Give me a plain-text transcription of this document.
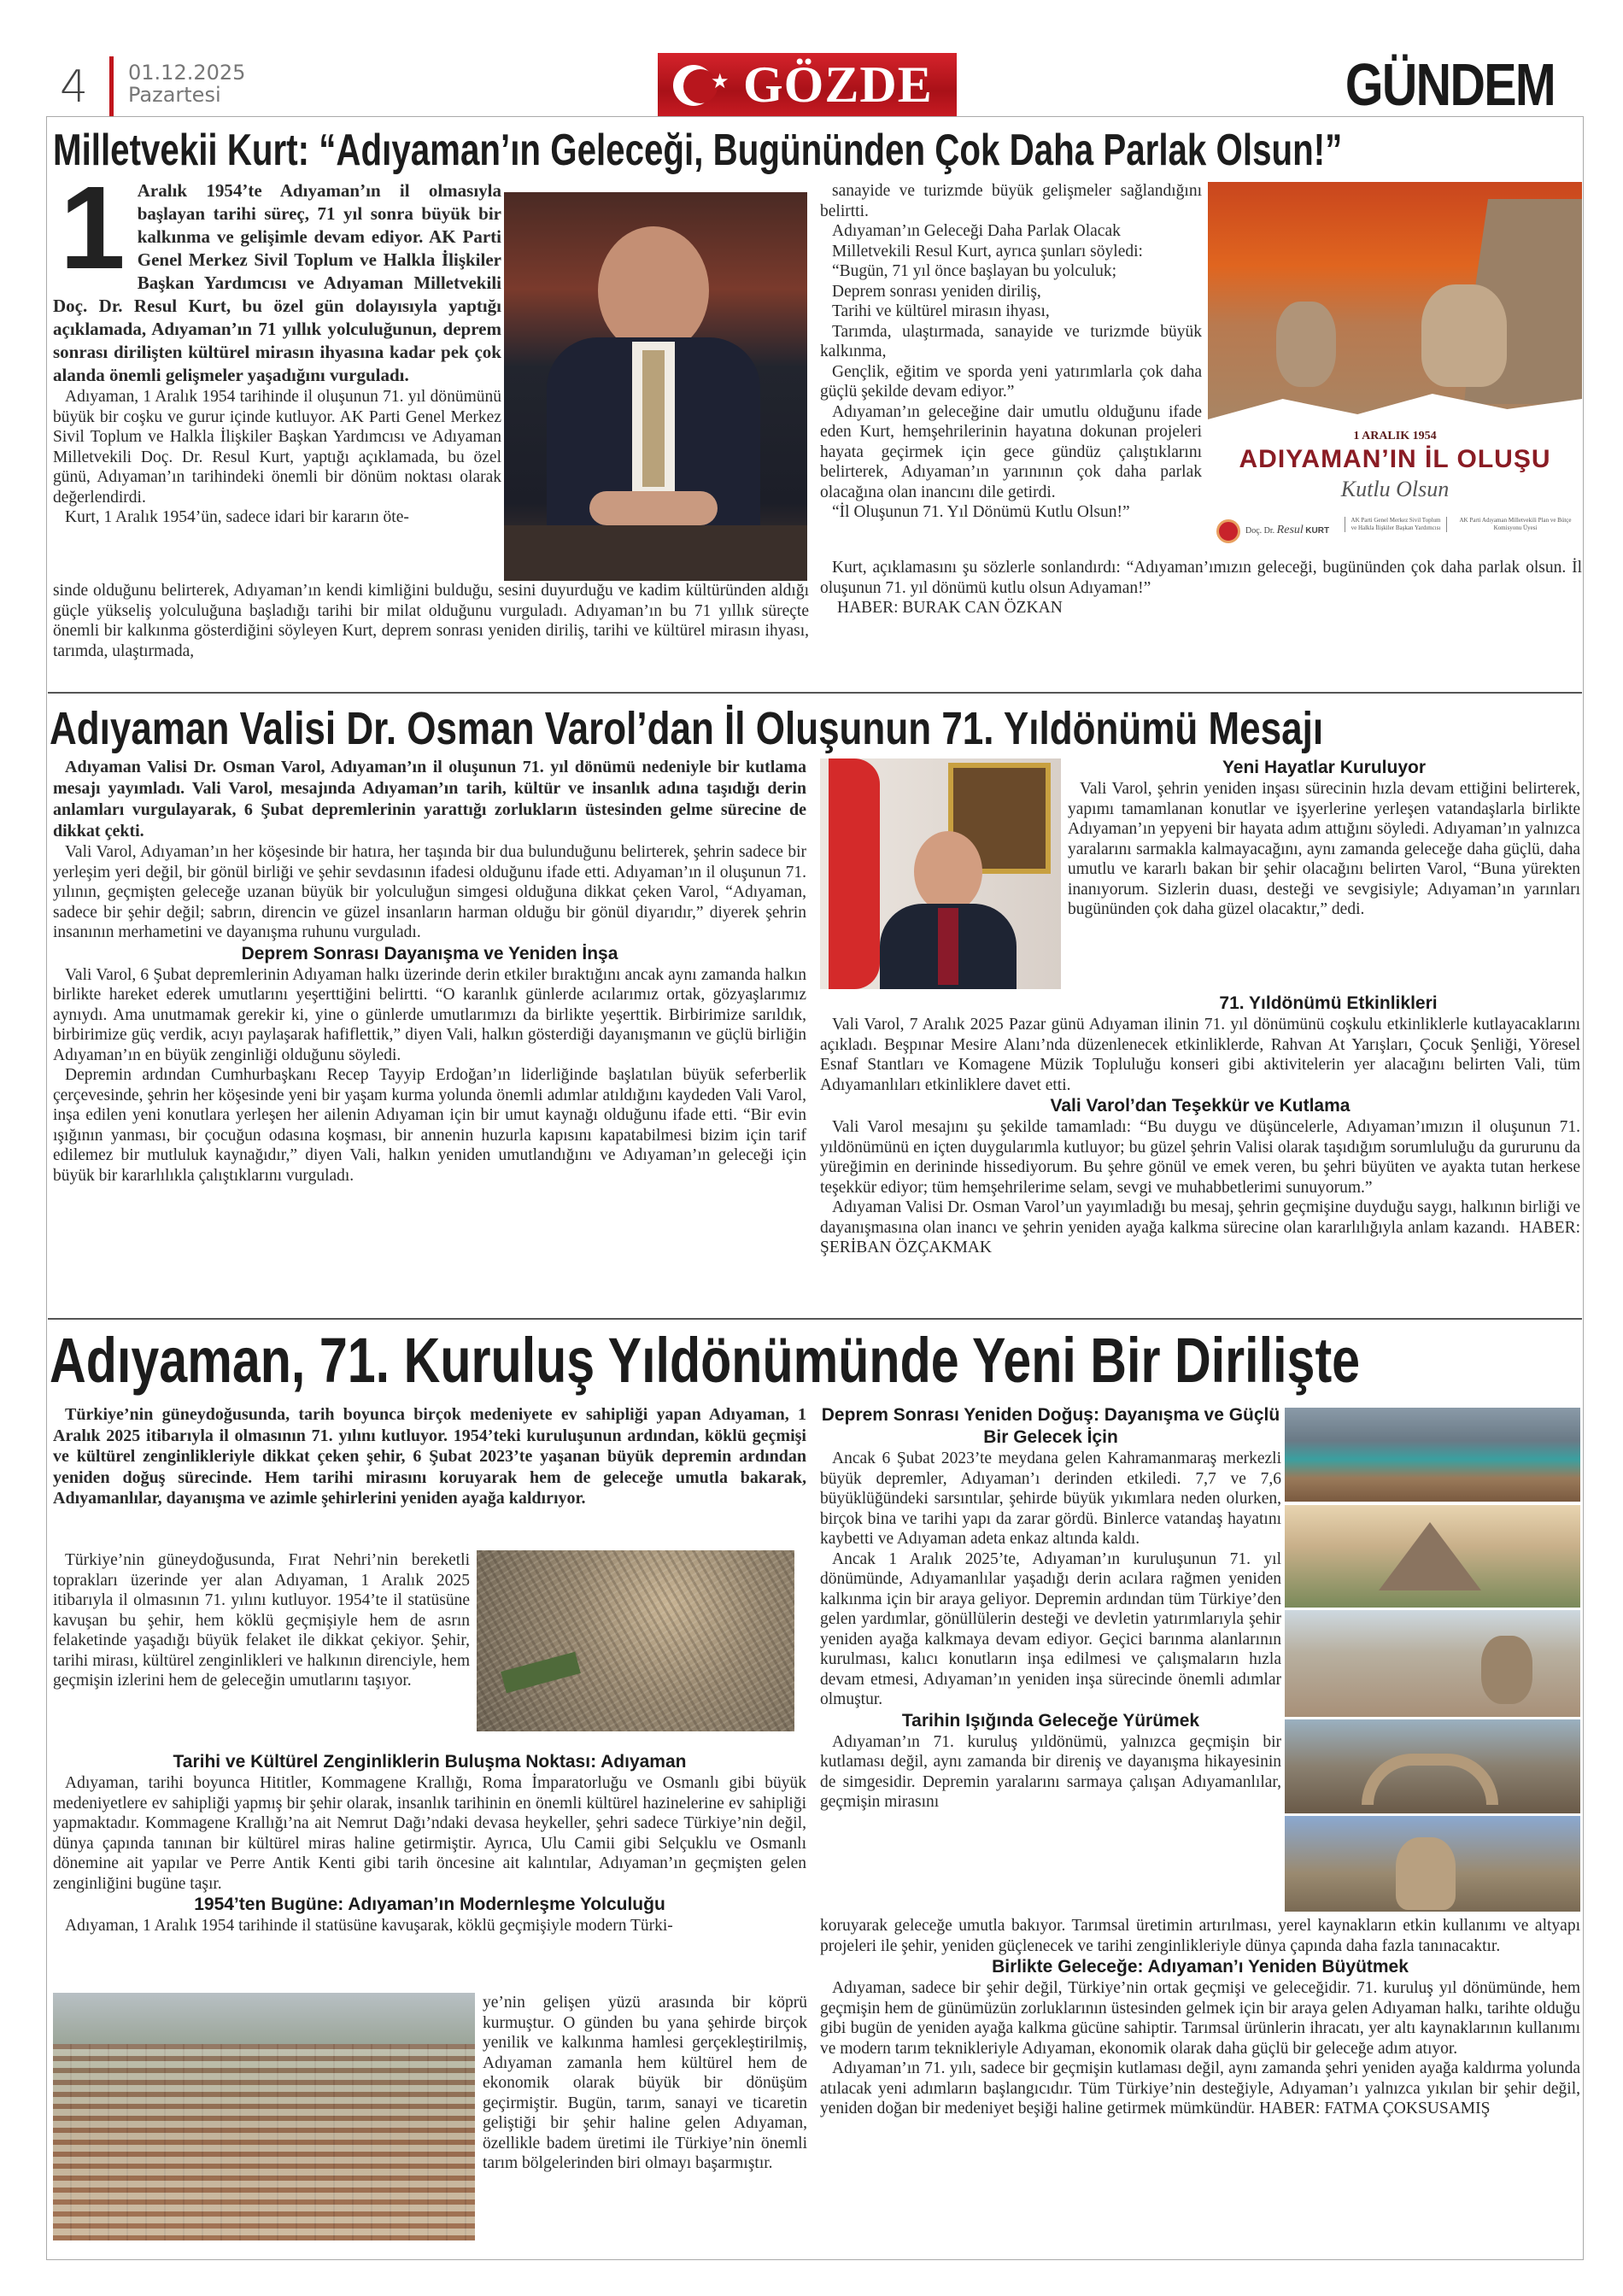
4 01.12.2025
Pazartesi
★ GÖZDE	GÜNDEM
Milletvekii Kurt: “Adıyaman’ın Geleceği, Bugününden Çok Daha Parlak Olsun!”

1 Aralık 1954’te Adıyaman’ın il olmasıyla başlayan tarihi süreç, 71 yıl sonra büyük bir kalkınma ve gelişimle devam ediyor. AK Parti Genel Merkez Sivil Toplum ve Halkla İlişkiler Başkan Yardımcısı ve Adıyaman Milletvekili Doç. Dr. Resul Kurt, bu özel gün dolayısıyla yaptığı açıklamada, Adıyaman’ın 71 yıllık yolculuğunun, deprem sonrası dirilişten kültürel mirasın ihyasına kadar pek çok alanda önemli gelişmeler yaşadığını vurguladı.

Adıyaman, 1 Aralık 1954 tarihinde il oluşunun 71. yıl dönümünü büyük bir coşku ve gurur içinde kutluyor. AK Parti Genel Merkez Sivil Toplum ve Halkla İlişkiler Başkan Yardımcısı ve Adıyaman Milletvekili Doç. Dr. Resul Kurt, yaptığı açıklamada, bu özel günü, Adıyaman’ın tarihindeki önemli bir dönüm noktası olarak değerlendirdi.

Kurt, 1 Aralık 1954’ün, sadece idari bir kararın öte-

sinde olduğunu belirterek, Adıyaman’ın kendi kimliğini bulduğu, sesini duyurduğu ve kadim kültüründen aldığı güçle yükseliş yolculuğuna başladığı tarihi bir milat olduğunu vurguladı. Adıyaman’ın bu 71 yıllık süreçte önemli bir kalkınma gösterdiğini söyleyen Kurt, deprem sonrası yeniden diriliş, tarihi ve kültürel mirasın ihyası, tarımda, ulaştırmada,

sanayide ve turizmde büyük gelişmeler sağlandığını belirtti.

Adıyaman’ın Geleceği Daha Parlak Olacak

Milletvekili Resul Kurt, ayrıca şunları söyledi:

“Bugün, 71 yıl önce başlayan bu yolculuk;

Deprem sonrası yeniden diriliş,

Tarihi ve kültürel mirasın ihyası,

Tarımda, ulaştırmada, sanayide ve turizmde büyük kalkınma,

Gençlik, eğitim ve sporda yeni yatırımlarla çok daha güçlü şekilde devam ediyor.”

Adıyaman’ın geleceğine dair umutlu olduğunu ifade eden Kurt, hemşehrilerinin hayatına dokunan projeleri hayata geçirmek için gece gündüz çalıştıklarını belirterek, Adıyaman’ın yarınının çok daha parlak olacağına olan inancını dile getirdi.

“İl Oluşunun 71. Yıl Dönümü Kutlu Olsun!”

1 ARALIK 1954
ADIYAMAN’IN İL OLUŞU
Kutlu Olsun
Doç. Dr. Resul KURT
AK Parti Genel Merkez Sivil Toplum ve Halkla İlişkiler Başkan Yardımcısı
AK Parti Adıyaman Milletvekili Plan ve Bütçe Komisyonu Üyesi

Kurt, açıklamasını şu sözlerle sonlandırdı: “Adıyaman’ımızın geleceği, bugününden çok daha parlak olsun. İl oluşunun 71. yıl dönümü kutlu olsun Adıyaman!”

HABER: BURAK CAN ÖZKAN

Adıyaman Valisi Dr. Osman Varol’dan İl Oluşunun 71. Yıldönümü Mesajı

Adıyaman Valisi Dr. Osman Varol, Adıyaman’ın il oluşunun 71. yıl dönümü nedeniyle bir kutlama mesajı yayımladı. Vali Varol, mesajında Adıyaman’ın tarih, kültür ve insanlık adına taşıdığı derin anlamları vurgulayarak, 6 Şubat depremlerinin yarattığı zorlukların üstesinden gelme sürecine de dikkat çekti.

Vali Varol, Adıyaman’ın her köşesinde bir hatıra, her taşında bir dua bulunduğunu belirterek, şehrin sadece bir yerleşim yeri değil, bir gönül birliği ve şehir sevdasının ifadesi olduğunu ifade etti. Adıyaman’ın il oluşunun 71. yılının, geçmişten geleceğe uzanan büyük bir yolculuğun simgesi olduğuna dikkat çeken Varol, “Adıyaman, sadece bir şehir değil; sabrın, direncin ve güzel insanların harman olduğu bir gönül diyarıdır,” diyerek şehrin insanının merhametini ve dayanışma ruhunu vurguladı.

Deprem Sonrası Dayanışma ve Yeniden İnşa

Vali Varol, 6 Şubat depremlerinin Adıyaman halkı üzerinde derin etkiler bıraktığını ancak aynı zamanda halkın birlikte hareket ederek umutlarını yeşerttiğini belirtti. “O karanlık günlerde acılarımız ortak, gözyaşlarımız aynıydı. Ama unutmamak gerekir ki, yine o günlerde umutlarımızı da birlikte yeşerttik. Birbirimize sarıldık, birbirimize güç verdik, acıyı paylaşarak hafiflettik,” diyen Vali, halkın gösterdiği dayanışmanın ve güçlü birliğin Adıyaman’ın en büyük zenginliği olduğunu söyledi.

Depremin ardından Cumhurbaşkanı Recep Tayyip Erdoğan’ın liderliğinde başlatılan büyük seferberlik çerçevesinde, şehrin her köşesinde yeni bir yaşam kurma yolunda önemli adımlar atıldığını kaydeden Vali Varol, inşa edilen yeni konutlara yerleşen her ailenin Adıyaman için bir umut kaynağı olduğunu ifade etti. “Bir evin ışığının yanması, bir çocuğun odasına koşması, bir annenin huzurla kapısını kapatabilmesi bizim için tarif edilemez bir mutluluk kaynağıdır,” diyen Vali, halkın yeniden umutlandığını ve Adıyaman’ın geleceği için büyük bir kararlılıkla çalıştıklarını vurguladı.

Yeni Hayatlar Kuruluyor

Vali Varol, şehrin yeniden inşası sürecinin hızla devam ettiğini belirterek, yapımı tamamlanan konutlar ve işyerlerine yerleşen vatandaşlarla birlikte Adıyaman’ın yepyeni bir hayata adım attığını söyledi. Adıyaman’ın yalnızca yaralarını sarmakla kalmayacağını, aynı zamanda geleceğe daha güçlü, daha umutlu ve kararlı bakan bir şehir olacağını belirten Varol, “Buna yürekten inanıyorum. Sizlerin duası, desteği ve sevgisiyle; Adıyaman’ın yarınları bugününden çok daha güzel olacaktır,” dedi.

71. Yıldönümü Etkinlikleri

Vali Varol, 7 Aralık 2025 Pazar günü Adıyaman ilinin 71. yıl dönümünü coşkulu etkinliklerle kutlayacaklarını açıkladı. Beşpınar Mesire Alanı’nda düzenlenecek etkinliklerde, Rahvan At Yarışları, Çocuk Şenliği, Yöresel Esnaf Stantları ve Komagene Müzik Topluluğu konseri gibi aktivitelerin yer alacağını belirten Vali, tüm Adıyamanlıları etkinliklere davet etti.

Vali Varol’dan Teşekkür ve Kutlama

Vali Varol mesajını şu şekilde tamamladı: “Bu duygu ve düşüncelerle, Adıyaman’ımızın il oluşunun 71. yıldönümünü en içten duygularımla kutluyor; bu güzel şehrin Valisi olarak taşıdığım sorumluluğu da gururunu da yüreğimin en derininde hissediyorum. Bu şehre gönül ve emek veren, bu şehri büyüten ve ayakta tutan herkese teşekkür ediyor; tüm hemşehrilerime selam, sevgi ve muhabbetlerimi sunuyorum.”

Adıyaman Valisi Dr. Osman Varol’un yayımladığı bu mesaj, şehrin geçmişine duyduğu saygı, halkının birliği ve dayanışmasına olan inancı ve şehrin yeniden ayağa kalkma sürecine olan kararlılığıyla anlam kazandı. HABER: ŞERİBAN ÖZÇAKMAK

Adıyaman, 71. Kuruluş Yıldönümünde Yeni Bir Dirilişte

Türkiye’nin güneydoğusunda, tarih boyunca birçok medeniyete ev sahipliği yapan Adıyaman, 1 Aralık 2025 itibarıyla il olmasının 71. yılını kutluyor. 1954’teki kuruluşunun ardından, köklü geçmişi ve kültürel zenginlikleriyle dikkat çeken şehir, 6 Şubat 2023’te yaşanan büyük depremin ardından yeniden doğuş sürecinde. Hem tarihi mirasını koruyarak hem de geleceğe umutla bakarak, Adıyamanlılar, dayanışma ve azimle şehirlerini yeniden ayağa kaldırıyor.

Türkiye’nin güneydoğusunda, Fırat Nehri’nin bereketli toprakları üzerinde yer alan Adıyaman, 1 Aralık 2025 itibarıyla il olmasının 71. yılını kutluyor. 1954’te il statüsüne kavuşan bu şehir, hem köklü geçmişiyle hem de asrın felaketinde yaşadığı büyük felaket ile dikkat çekiyor. Şehir, tarihi mirası, kültürel zenginlikleri ve halkının direnciyle, hem geçmişin izlerini hem de geleceğin umutlarını taşıyor.

Tarihi ve Kültürel Zenginliklerin Buluşma Noktası: Adıyaman

Adıyaman, tarihi boyunca Hititler, Kommagene Krallığı, Roma İmparatorluğu ve Osmanlı gibi büyük medeniyetlere ev sahipliği yapmış bir şehir olarak, insanlık tarihinin en önemli kültürel hazinelerine ev sahipliği yapmaktadır. Kommagene Krallığı’na ait Nemrut Dağı’ndaki devasa heykeller, şehri sadece Türkiye’nin değil, dünya çapında tanınan bir kültürel miras haline getirmiştir. Ayrıca, Ulu Camii gibi Selçuklu ve Osmanlı dönemine ait yapılar ve Perre Antik Kenti gibi tarih öncesine ait kalıntılar, Adıyaman’ın geçmişten gelen zenginliğini bugüne taşır.

1954’ten Bugüne: Adıyaman’ın Modernleşme Yolculuğu

Adıyaman, 1 Aralık 1954 tarihinde il statüsüne kavuşarak, köklü geçmişiyle modern Türki-

ye’nin gelişen yüzü arasında bir köprü kurmuştur. O günden bu yana şehirde birçok yenilik ve kalkınma hamlesi gerçekleştirilmiş, Adıyaman zamanla hem kültürel hem de ekonomik olarak büyük bir dönüşüm geçirmiştir. Bugün, tarım, sanayi ve ticaretin geliştiği bir şehir haline gelen Adıyaman, özellikle badem üretimi ile Türkiye’nin önemli tarım bölgelerinden biri olmayı başarmıştır.

Deprem Sonrası Yeniden Doğuş: Dayanışma ve Güçlü Bir Gelecek İçin

Ancak 6 Şubat 2023’te meydana gelen Kahramanmaraş merkezli büyük depremler, Adıyaman’ı derinden etkiledi. 7,7 ve 7,6 büyüklüğündeki sarsıntılar, şehirde büyük yıkımlara neden olurken, birçok bina ve tarihi yapı da zarar gördü. Binlerce vatandaş hayatını kaybetti ve Adıyaman adeta enkaz altında kaldı.

Ancak 1 Aralık 2025’te, Adıyaman’ın kuruluşunun 71. yıl dönümünde, Adıyamanlılar yaşadığı derin acılara rağmen yeniden kalkınma için bir araya geliyor. Depremin ardından tüm Türkiye’den gelen yardımlar, gönüllülerin desteği ve devletin yatırımlarıyla şehir yeniden ayağa kalkmaya devam ediyor. Geçici barınma alanlarının kurulması, kalıcı konutların inşa edilmesi ve çalışmaların hızla devam etmesi, Adıyaman’ın yeniden inşa sürecinde önemli adımlar olmuştur.

Tarihin Işığında Geleceğe Yürümek

Adıyaman’ın 71. kuruluş yıldönümü, yalnızca geçmişin bir kutlaması değil, aynı zamanda bir direniş ve dayanışma hikayesinin de simgesidir. Depremin yaralarını sarmaya çalışan Adıyamanlılar, geçmişin mirasını

koruyarak geleceğe umutla bakıyor. Tarımsal üretimin artırılması, yerel kaynakların etkin kullanımı ve altyapı projeleri ile şehir, yeniden güçlenecek ve tarihi zenginlikleriyle dünya çapında daha fazla tanınacaktır.

Birlikte Geleceğe: Adıyaman’ı Yeniden Büyütmek

Adıyaman, sadece bir şehir değil, Türkiye’nin ortak geçmişi ve geleceğidir. 71. kuruluş yıl dönümünde, hem geçmişin hem de günümüzün zorluklarının üstesinden gelmek için bir araya gelen Adıyaman halkı, tarihte olduğu gibi bugün de yeniden ayağa kalkma gücüne sahiptir. Tarımsal ürünlerin ihracatı, yer altı kaynaklarının kullanımı ve modern tarım teknikleriyle Adıyaman, ekonomik olarak daha güçlü bir geleceğe adım atıyor.

Adıyaman’ın 71. yılı, sadece bir geçmişin kutlaması değil, aynı zamanda şehri yeniden ayağa kaldırma yolunda atılacak yeni adımların başlangıcıdır. Tüm Türkiye’nin desteğiyle, Adıyaman’ı yalnızca yıkılan bir şehir değil, yeniden doğan bir medeniyet beşiği haline getirmek mümkündür. HABER: FATMA ÇOKSUSAMIŞ
